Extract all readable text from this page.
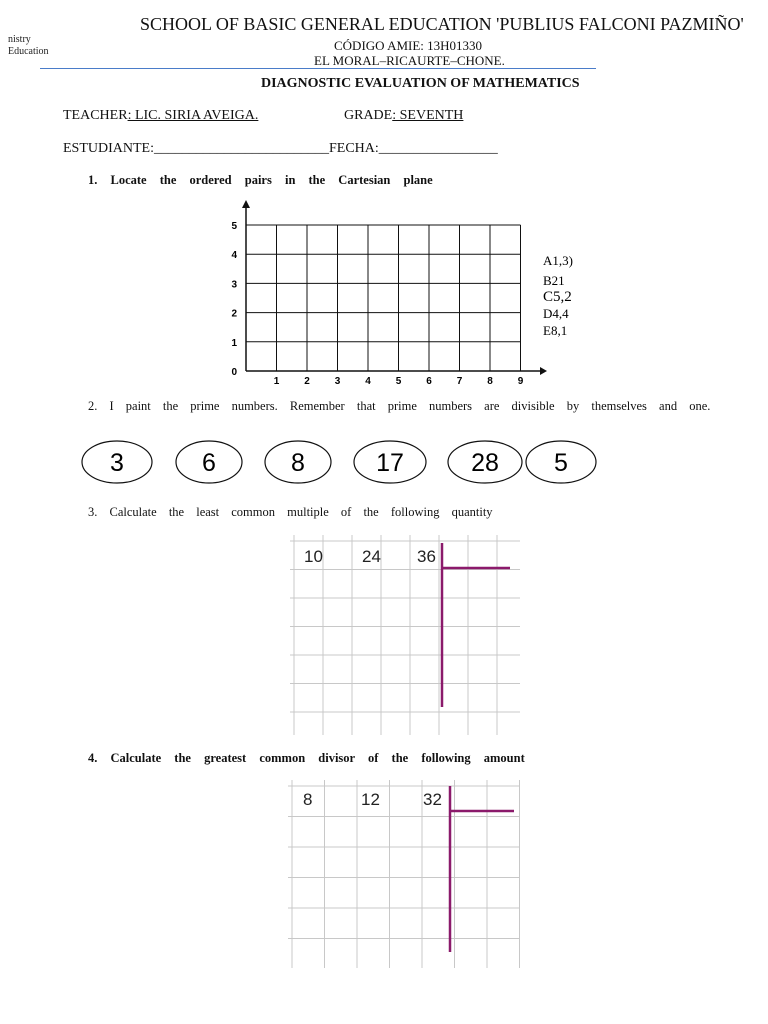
nistry
Education
SCHOOL OF BASIC GENERAL EDUCATION 'PUBLIUS FALCONI PAZMIÑO'
CÓDIGO AMIE: 13H01330
EL MORAL–RICAURTE–CHONE.
DIAGNOSTIC EVALUATION OF MATHEMATICS
TEACHER: LIC. SIRIA AVEIGA.	GRADE: SEVENTH
ESTUDIANTE:_________________________FECHA:_________________
1. Locate the ordered pairs in the Cartesian plane
1 2 3 4 5 6 7 8 9
0
1
2
3
4
5
A1,3)
B21
C5,2
D4,4
E8,1
2. I paint the prime numbers. Remember that prime numbers are divisible by themselves and one.
3	6	8	17	28 5
3. Calculate the least common multiple of the following quantity
10 24 36
4. Calculate the greatest common divisor of the following amount
8	12	32
